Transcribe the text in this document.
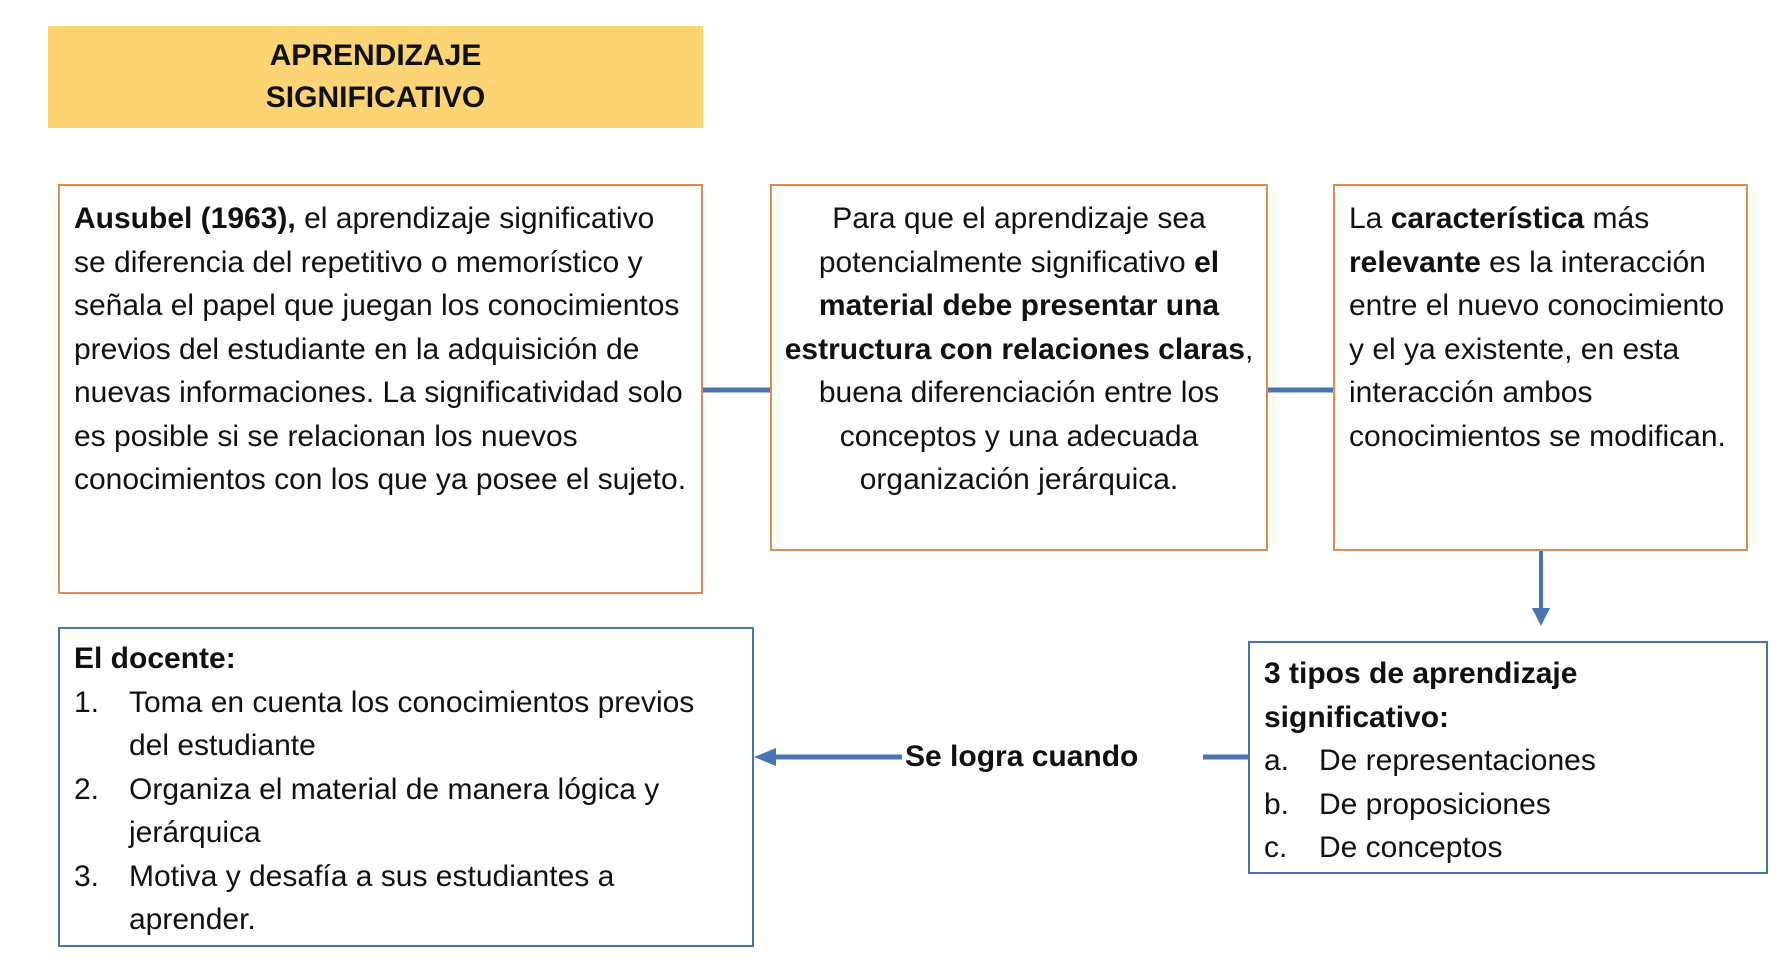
APRENDIZAJE
SIGNIFICATIVO
Ausubel (1963), el aprendizaje significativo se diferencia del repetitivo o memorístico y señala el papel que juegan los conocimientos previos del estudiante en la adquisición de nuevas informaciones. La significatividad solo es posible si se relacionan los nuevos conocimientos con los que ya posee el sujeto.
Para que el aprendizaje sea potencialmente significativo el material debe presentar una estructura con relaciones claras, buena diferenciación entre los conceptos y una adecuada organización jerárquica.
La característica más relevante es la interacción entre el nuevo conocimiento y el ya existente, en esta interacción ambos conocimientos se modifican.
3 tipos de aprendizaje significativo:
a. De representaciones
b. De proposiciones
c.	De conceptos
Se logra cuando
El docente:
1. Toma en cuenta los conocimientos previos del estudiante
2. Organiza el material de manera lógica y jerárquica
3. Motiva y desafía a sus estudiantes a aprender.
